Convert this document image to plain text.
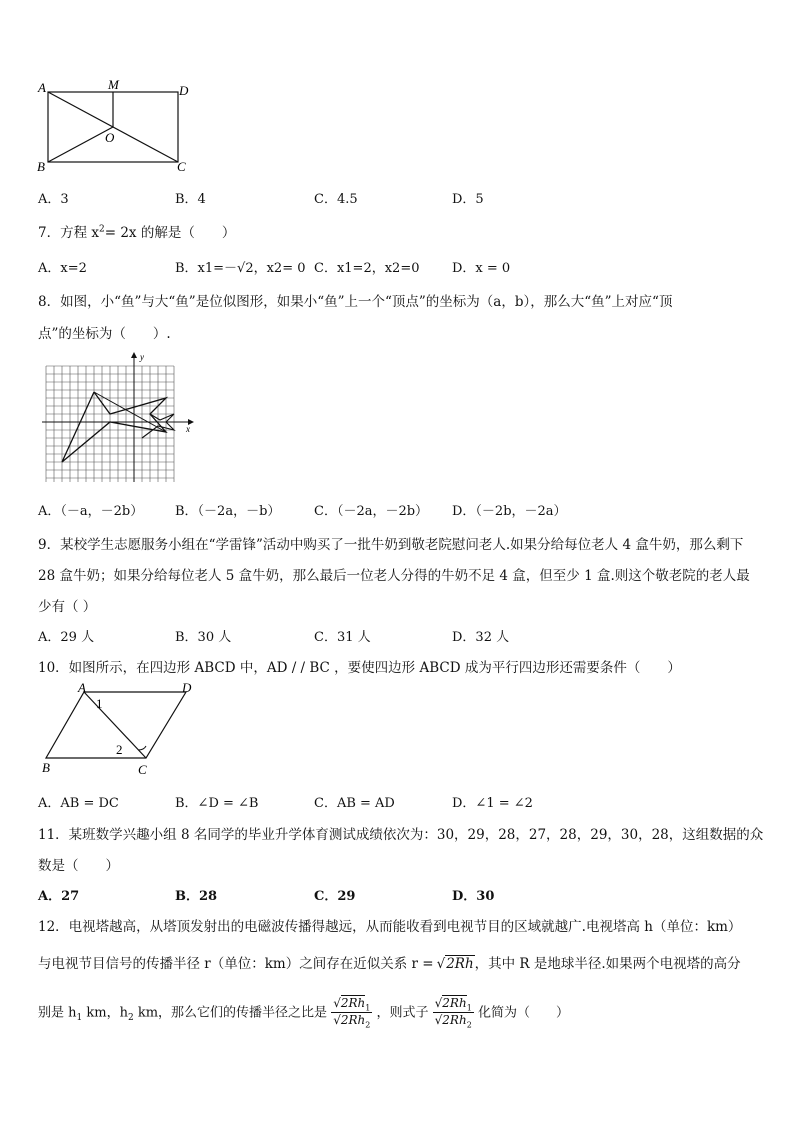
A	M	D
O
B	C
A．3	B．4	C．4.5	D．5
7．方程 $x^2= 2x$ 的解是（　　）
A．x=2	B．x1=－√2，x2= 0 C．x1=2，x2=0	D．x = 0
8．如图，小“鱼”与大“鱼”是位似图形，如果小“鱼”上一个“顶点”的坐标为（a，b），那么大“鱼”上对应“顶
点”的坐标为（　　）.
y
x
A．（－a，－2b） B．（－2a，－b）	C．（－2a，－2b） D．（－2b，－2a）
9．某校学生志愿服务小组在“学雷锋”活动中购买了一批牛奶到敬老院慰问老人.如果分给每位老人 4 盒牛奶，那么剩下
28 盒牛奶；如果分给每位老人 5 盒牛奶，那么最后一位老人分得的牛奶不足 4 盒，但至少 1 盒.则这个敬老院的老人最
少有（ ）
A．29 人	B．30 人	C．31 人	D．32 人
10．如图所示，在四边形 ABCD 中，AD / / BC ，要使四边形 ABCD 成为平行四边形还需要条件（　　）
A	D
B	C
1
2
A．AB = DC	B．∠D = ∠B	C．AB = AD	D．∠1 = ∠2
11．某班数学兴趣小组 8 名同学的毕业升学体育测试成绩依次为：30，29，28，27，28，29，30，28，这组数据的众
数是（　　）
A．27	B．28	C．29	D．30
12．电视塔越高，从塔顶发射出的电磁波传播得越远，从而能收看到电视节目的区域就越广.电视塔高 h（单位：km）
与电视节目信号的传播半径 r（单位：km）之间存在近似关系 r = √2Rh，其中 R 是地球半径.如果两个电视塔的高分
别是 $h_1$ km，$h_2$ km，那么它们的传播半径之比是 $\frac{√2Rh_1}{√2Rh_2}$ ，则式子 $\frac{√2Rh_1}{√2Rh_2}$ 化简为（　　）
